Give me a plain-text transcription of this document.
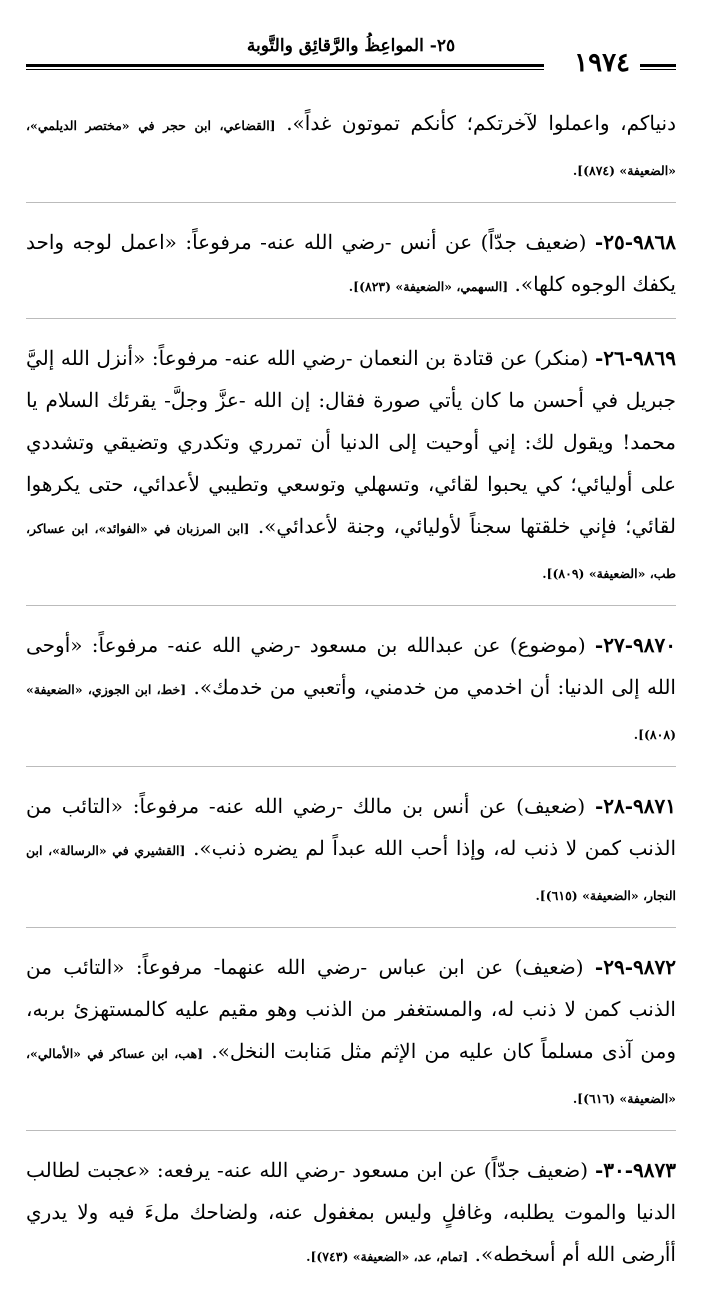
٢٥- المواعِظُ والرَّقائِق والتَّوبة
١٩٧٤

دنياكم، واعملوا لآخرتكم؛ كأنكم تموتون غداً». [القضاعي، ابن حجر في «مختصر الديلمي»، «الضعيفة» (٨٧٤)].

٩٨٦٨-٢٥- (ضعيف جدّاً) عن أنس -رضي الله عنه- مرفوعاً: «اعمل لوجه واحد يكفك الوجوه كلها». [السهمي، «الضعيفة» (٨٢٣)].

٩٨٦٩-٢٦- (منكر) عن قتادة بن النعمان -رضي الله عنه- مرفوعاً: «أنزل الله إليَّ جبريل في أحسن ما كان يأتي صورة فقال: إن الله -عزَّ وجلَّ- يقرئك السلام يا محمد! ويقول لك: إني أوحيت إلى الدنيا أن تمرري وتكدري وتضيقي وتشددي على أوليائي؛ كي يحبوا لقائي، وتسهلي وتوسعي وتطيبي لأعدائي، حتى يكرهوا لقائي؛ فإني خلقتها سجناً لأوليائي، وجنة لأعدائي». [ابن المرزبان في «الفوائد»، ابن عساكر، طب، «الضعيفة» (٨٠٩)].

٩٨٧٠-٢٧- (موضوع) عن عبدالله بن مسعود -رضي الله عنه- مرفوعاً: «أوحى الله إلى الدنيا: أن اخدمي من خدمني، وأتعبي من خدمك». [خط، ابن الجوزي، «الضعيفة» (٨٠٨)].

٩٨٧١-٢٨- (ضعيف) عن أنس بن مالك -رضي الله عنه- مرفوعاً: «التائب من الذنب كمن لا ذنب له، وإذا أحب الله عبداً لم يضره ذنب». [القشيري في «الرسالة»، ابن النجار، «الضعيفة» (٦١٥)].

٩٨٧٢-٢٩- (ضعيف) عن ابن عباس -رضي الله عنهما- مرفوعاً: «التائب من الذنب كمن لا ذنب له، والمستغفر من الذنب وهو مقيم عليه كالمستهزئ بربه، ومن آذى مسلماً كان عليه من الإثم مثل مَنابت النخل». [هب، ابن عساكر في «الأمالي»، «الضعيفة» (٦١٦)].

٩٨٧٣-٣٠- (ضعيف جدّاً) عن ابن مسعود -رضي الله عنه- يرفعه: «عجبت لطالب الدنيا والموت يطلبه، وغافلٍ وليس بمغفول عنه، ولضاحك ملءَ فيه ولا يدري أأرضى الله أم أسخطه». [تمام، عد، «الضعيفة» (٧٤٣)].
